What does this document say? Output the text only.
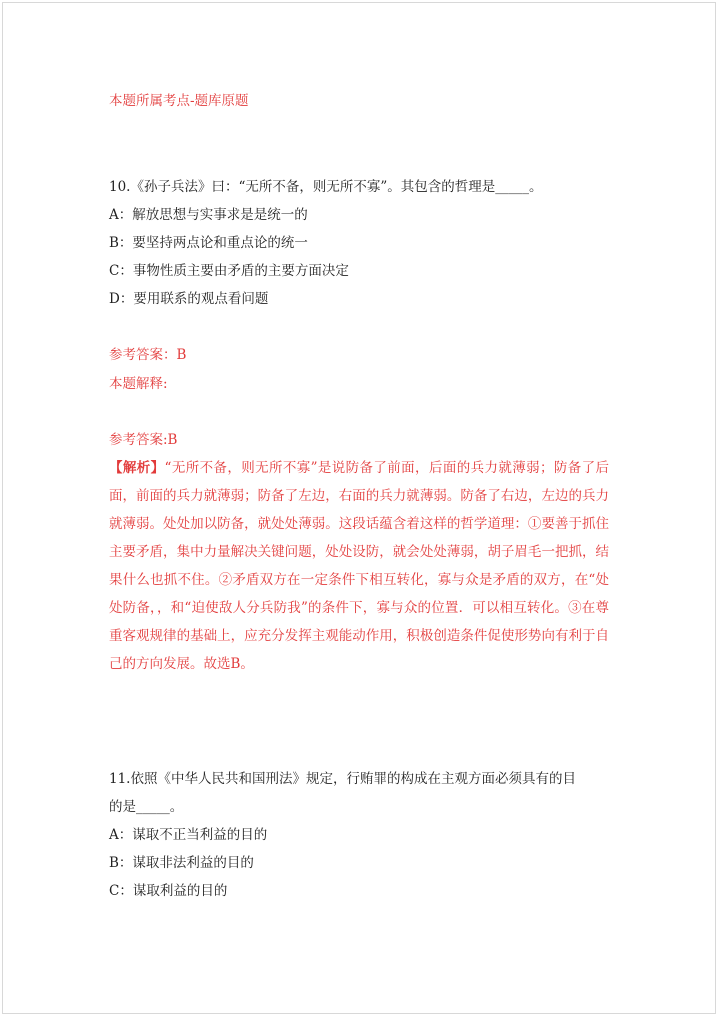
本题所属考点-题库原题
10.《孙子兵法》曰：“无所不备，则无所不寡”。其包含的哲理是_____。
A：解放思想与实事求是是统一的
B：要坚持两点论和重点论的统一
C：事物性质主要由矛盾的主要方面决定
D：要用联系的观点看问题
参考答案：B
本题解释:
参考答案:B
【解析】“无所不备，则无所不寡”是说防备了前面，后面的兵力就薄弱；防备了后面，前面的兵力就薄弱；防备了左边，右面的兵力就薄弱。防备了右边，左边的兵力就薄弱。处处加以防备，就处处薄弱。这段话蕴含着这样的哲学道理：①要善于抓住主要矛盾，集中力量解决关键问题，处处设防，就会处处薄弱，胡子眉毛一把抓，结果什么也抓不住。②矛盾双方在一定条件下相互转化，寡与众是矛盾的双方，在“处处防备，，和“迫使敌人分兵防我”的条件下，寡与众的位置．可以相互转化。③在尊重客观规律的基础上，应充分发挥主观能动作用，积极创造条件促使形势向有利于自己的方向发展。故选B。
11.依照《中华人民共和国刑法》规定，行贿罪的构成在主观方面必须具有的目
的是_____。
A：谋取不正当利益的目的
B：谋取非法利益的目的
C：谋取利益的目的
